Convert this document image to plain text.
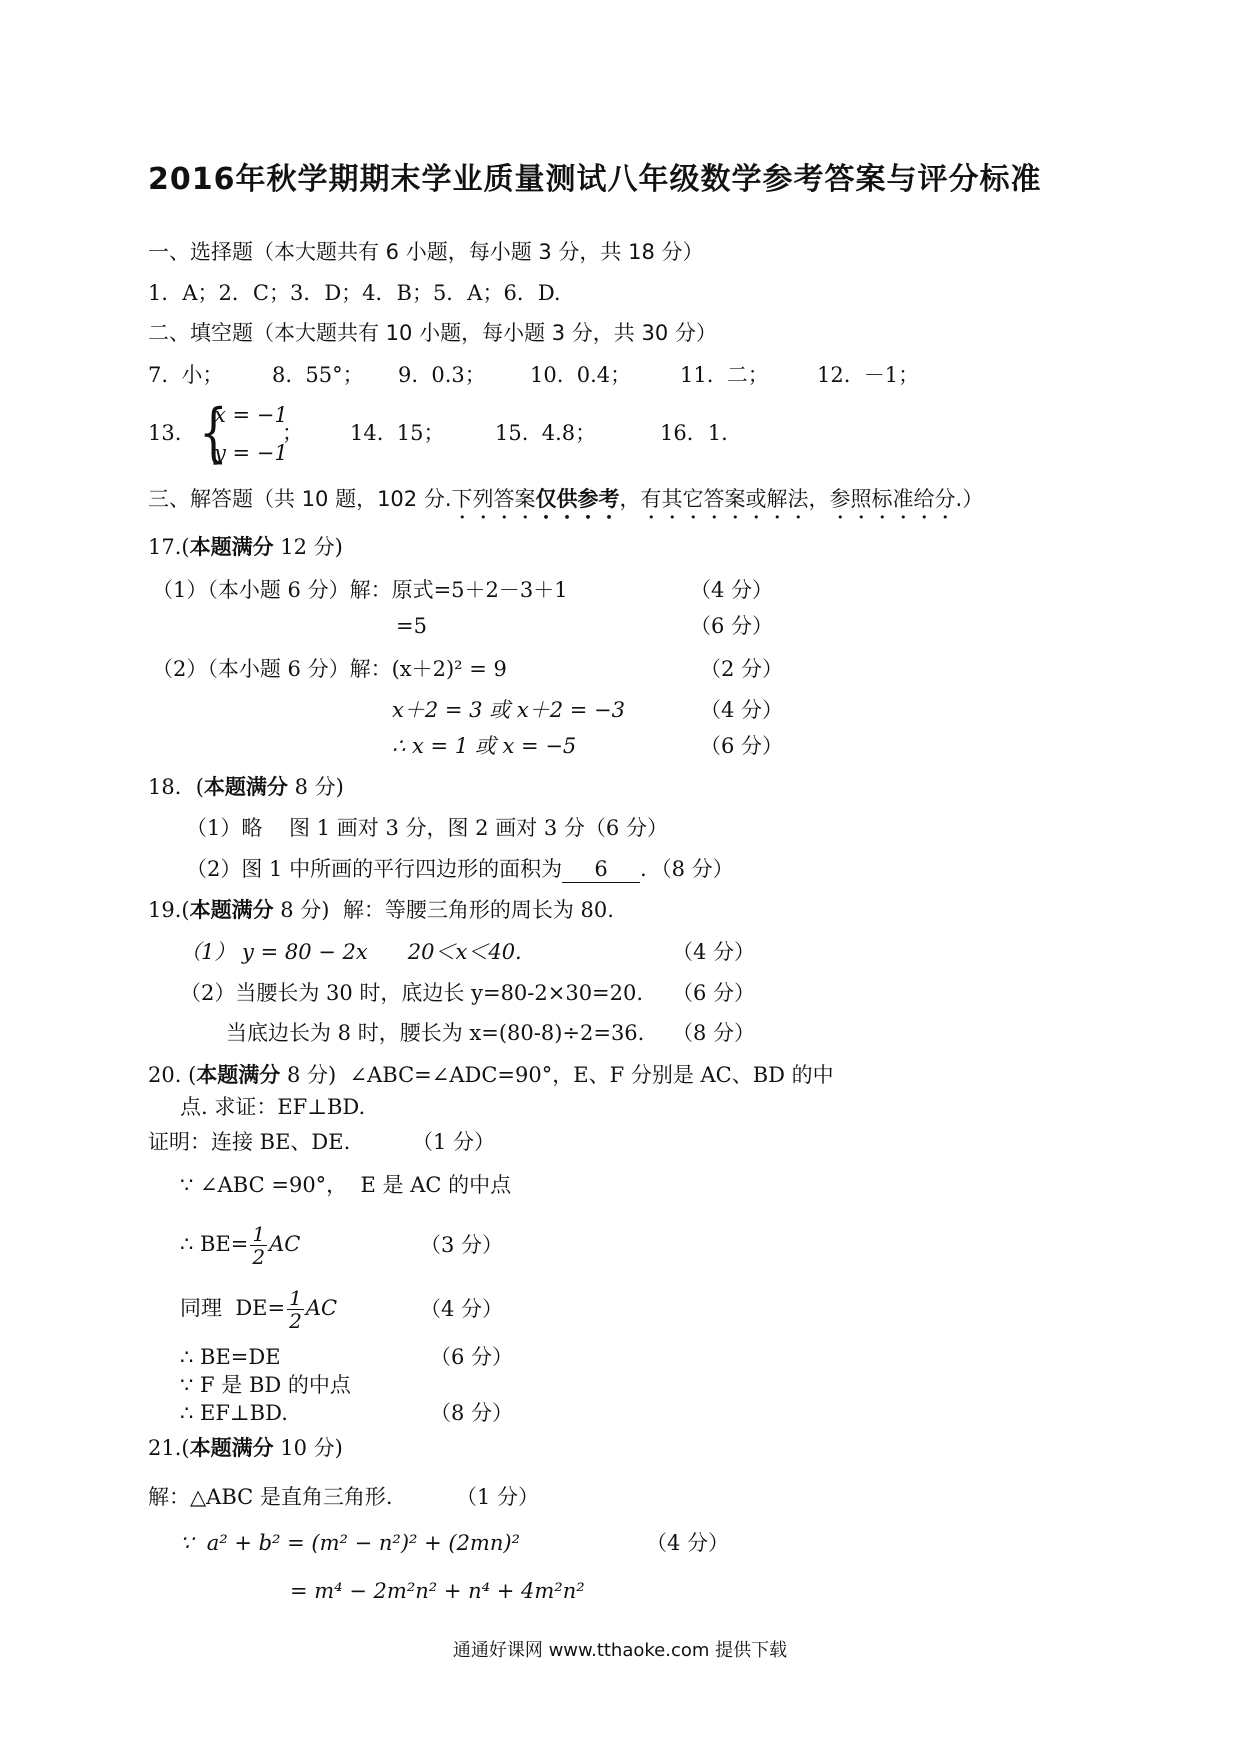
2016年秋学期期末学业质量测试八年级数学参考答案与评分标准
一、选择题（本大题共有 6 小题，每小题 3 分，共 18 分）
1．A；2．C；3．D；4．B；5．A；6．D.
二、填空题（本大题共有 10 小题，每小题 3 分，共 30 分）
7.  小； 8.  55°； 9.  0.3； 10.  0.4； 11.  二； 12.  －1；
13. {
x = −1
y = −1
； 14.  15； 15.  4.8；	16．1.
三、解答题（共 10 题，102 分.下列答案仅供参考，有其它答案或解法，参照标准给分.）
17.(本题满分 12 分)
（1）（本小题 6 分）解：原式=5＋2－3＋1	（4 分）
=5	（6 分）
（2）（本小题 6 分）解：(x＋2)² = 9	（2 分）
x＋2 = 3 或 x＋2 = −3	（4 分）
∴ x = 1 或 x = −5	（6 分）
18．(本题满分 8 分)
（1）略    图 1 画对 3 分，图 2 画对 3 分（6 分）
（2）图 1 中所画的平行四边形的面积为 6 ．（8 分）
19.(本题满分 8 分)  解：等腰三角形的周长为 80.
（1） y = 80 − 2x      20＜x＜40.	（4 分）
（2）当腰长为 30 时，底边长 y=80-2×30=20. （6 分）
当底边长为 8 时，腰长为 x=(80-8)÷2=36. （8 分）
20. (本题满分 8 分)  ∠ABC=∠ADC=90°，E、F 分别是 AC、BD 的中
点. 求证：EF⊥BD.
证明：连接 BE、DE.	（1 分）
∵ ∠ABC =90°，  E 是 AC 的中点
∴ $BE= \frac{1}{2}$ AC	（3 分）
同理  $DE= \frac{1}{2}$ AC	（4 分）
∴ BE=DE	（6 分）
∵ F 是 BD 的中点
∴ EF⊥BD.	（8 分）
21.(本题满分 10 分)
解：△ABC 是直角三角形.	（1 分）
∵  a² + b² = (m² − n²)² + (2mn)²	（4 分）
= m⁴ − 2m²n² + n⁴ + 4m²n²
通通好课网 www.tthaoke.com 提供下载
